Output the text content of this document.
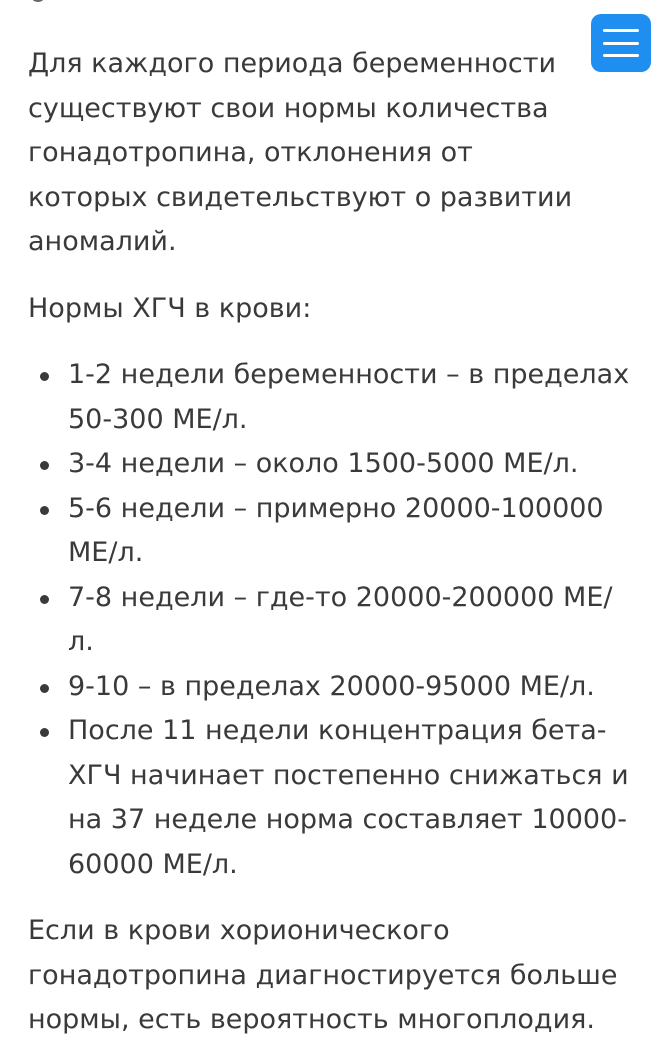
Для каждого периода беременности существуют свои нормы количества гонадотропина, отклонения от которых свидетельствуют о развитии аномалий.

Нормы ХГЧ в крови:

1-2 недели беременности – в пределах 50-300 МЕ/л.
3-4 недели – около 1500-5000 МЕ/л.
5-6 недели – примерно 20000-100000 МЕ/л.
7-8 недели – где-то 20000-200000 МЕ/л.
9-10 – в пределах 20000-95000 МЕ/л.
После 11 недели концентрация бета-ХГЧ начинает постепенно снижаться и на 37 неделе норма составляет 10000-60000 МЕ/л.

Если в крови хорионического гонадотропина диагностируется больше нормы, есть вероятность многоплодия.
